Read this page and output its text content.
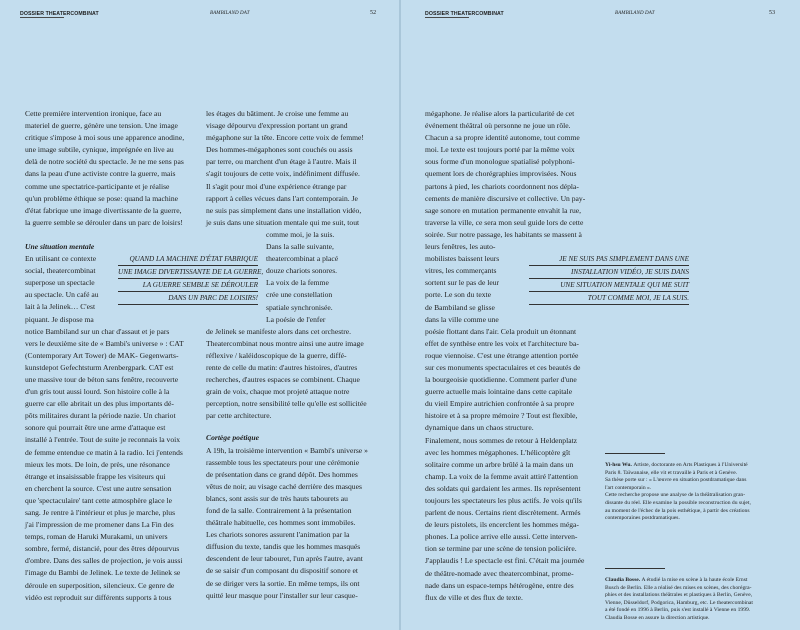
DOSSIER THEATERCOMBINAT	BAMBILAND DAT	52

Cette première intervention ironique, face au

materiel de guerre, génère une tension. Une image

critique s'impose à moi sous une apparence anodine,

une image subtile, cynique, imprégnée en live au

delà de notre société du spectacle. Je ne me sens pas

dans la peau d'une activiste contre la guerre, mais

comme une spectatrice-participante et je réalise

qu'un problème éthique se pose: quand la machine

d'état fabrique une image divertissante de la guerre,

la guerre semble se dérouler dans un parc de loisirs!

Une situation mentale

En utilisant ce contexte

social, theatercombinat

superpose un spectacle

au spectacle. Un café au

lait à la Jelinek… C'est

piquant. Je dispose ma

notice Bambiland sur un char d'assaut et je pars

vers le deuxième site de « Bambi's universe » : CAT

(Contemporary Art Tower) de MAK- Gegenwarts-

kunstdepot Gefechtsturm Arenbergpark. CAT est

une massive tour de béton sans fenêtre, recouverte

d'un gris tout aussi lourd. Son histoire colle à la

guerre car elle abritait un des plus importants dé-

pôts militaires durant la période nazie. Un chariot

sonore qui pourrait être une arme d'attaque est

installé à l'entrée. Tout de suite je reconnais la voix

de femme entendue ce matin à la radio. Ici j'entends

mieux les mots. De loin, de près, une résonance

étrange et insaisissable frappe les visiteurs qui

en cherchent la source. C'est une autre sensation

que 'spectaculaire' tant cette atmosphère glace le

sang. Je rentre à l'intérieur et plus je marche, plus

j'ai l'impression de me promener dans La Fin des

temps, roman de Haruki Murakami, un univers

sombre, fermé, distancié, pour des êtres dépourvus

d'ombre. Dans des salles de projection, je vois aussi

l'image du Bambi de Jelinek. Le texte de Jelinek se

déroule en superposition, silencieux. Ce genre de

vidéo est reproduit sur différents supports à tous

les étages du bâtiment. Je croise une femme au

visage dépourvu d'expression portant un grand

mégaphone sur la tête. Encore cette voix de femme!

Des hommes-mégaphones sont couchés ou assis

par terre, ou marchent d'un étage à l'autre. Mais il

s'agit toujours de cette voix, indéfiniment diffusée.

Il s'agit pour moi d'une expérience étrange par

rapport à celles vécues dans l'art contemporain. Je

ne suis pas simplement dans une installation vidéo,

je suis dans une situation mentale qui me suit, tout

comme moi, je la suis.

Dans la salle suivante,

theatercombinat a placé

douze chariots sonores.

La voix de la femme

crée une constellation

spatiale synchronisée.

La poésie de l'enfer

de Jelinek se manifeste alors dans cet orchestre.

Theatercombinat nous montre ainsi une autre image

réflexive / kaléidoscopique de la guerre, diffé-

rente de celle du matin: d'autres histoires, d'autres

recherches, d'autres espaces se combinent. Chaque

grain de voix, chaque mot projeté attaque notre

perception, notre sensibilité telle qu'elle est sollicitée

par cette architecture.

Cortège poétique

A 19h, la troisième intervention « Bambi's universe »

rassemble tous les spectateurs pour une cérémonie

de présentation dans ce grand dépôt. Des hommes

vêtus de noir, au visage caché derrière des masques

blancs, sont assis sur de très hauts tabourets au

fond de la salle. Contrairement à la présentation

théâtrale habituelle, ces hommes sont immobiles.

Les chariots sonores assurent l'animation par la

diffusion du texte, tandis que les hommes masqués

descendent de leur tabouret, l'un après l'autre, avant

de se saisir d'un composant du dispositif sonore et

de se diriger vers la sortie. En même temps, ils ont

quitté leur masque pour l'installer sur leur casque-

QUAND LA MACHINE D'ÉTAT FABRIQUE
UNE IMAGE DIVERTISSANTE DE LA GUERRE,
LA GUERRE SEMBLE SE DÉROULER
DANS UN PARC DE LOISIRS!
DOSSIER THEATERCOMBINAT	BAMBILAND DAT	53

mégaphone. Je réalise alors la particularité de cet

événement théâtral où personne ne joue un rôle.

Chacun a sa propre identité autonome, tout comme

moi. Le texte est toujours porté par la même voix

sous forme d'un monologue spatialisé polyphoni-

quement lors de chorégraphies improvisées. Nous

partons à pied, les chariots coordonnent nos dépla-

cements de manière discursive et collective. Un pay-

sage sonore en mutation permanente envahit la rue,

traverse la ville, ce sera mon seul guide lors de cette

soirée. Sur notre passage, les habitants se massent à

leurs fenêtres, les auto-

mobilistes baissent leurs

vitres, les commerçants

sortent sur le pas de leur

porte. Le son du texte

de Bambiland se glisse

dans la ville comme une

poésie flottant dans l'air. Cela produit un étonnant

effet de synthèse entre les voix et l'architecture ba-

roque viennoise. C'est une étrange attention portée

sur ces monuments spectaculaires et ces beautés de

la bourgeoisie quotidienne. Comment parler d'une

guerre actuelle mais lointaine dans cette capitale

du vieil Empire autrichien confrontée à sa propre

histoire et à sa propre mémoire ? Tout est flexible,

dynamique dans un chaos structure.

Finalement, nous sommes de retour à Heldenplatz

avec les hommes mégaphones. L'hélicoptère gît

solitaire comme un arbre brûlé à la main dans un

champ. La voix de la femme avait attiré l'attention

des soldats qui gardaient les armes. Ils représentent

toujours les spectateurs les plus actifs. Je vois qu'ils

parlent de nous. Certains rient discrètement. Armés

de leurs pistolets, ils encerclent les hommes méga-

phones. La police arrive elle aussi. Cette interven-

tion se termine par une scène de tension policière.

J'applaudis ! Le spectacle est fini. C'était ma journée

de théâtre-nomade avec theatercombinat, prome-

nade dans un espace-temps hétérogène, entre des

flux de ville et des flux de texte.

JE NE SUIS PAS SIMPLEMENT DANS UNE
INSTALLATION VIDÉO, JE SUIS DANS
UNE SITUATION MENTALE QUI ME SUIT
TOUT COMME MOI, JE LA SUIS.
Yi-hsu Wu. Artiste, doctorante en Arts Plastiques à l'Université
Paris 8. Taïwanaise, elle vit et travaille à Paris et à Genève.
Sa thèse porte sur : « L'œuvre en situation postdramatique dans
l'art contemporain ».
Cette recherche propose une analyse de la théâtralisation gran-
dissante du réel. Elle examine la possible reconstruction du sujet,
au moment de l'échec de la pois esthétique, à partir des créations
contemporaines postdramatiques.
Claudia Bosse. A étudié la mise en scène à la haute école Ernst
Busch de Berlin. Elle a réalisé des mises en scènes, des chorégra-
phies et des installations théâtrales et plastiques à Berlin, Genève,
Vienne, Düsseldorf, Podgorica, Hamburg, etc. Le theatercombinat
a été fondé en 1996 à Berlin, puis s'est installé à Vienne en 1999.
Claudia Bosse en assure la direction artistique.
